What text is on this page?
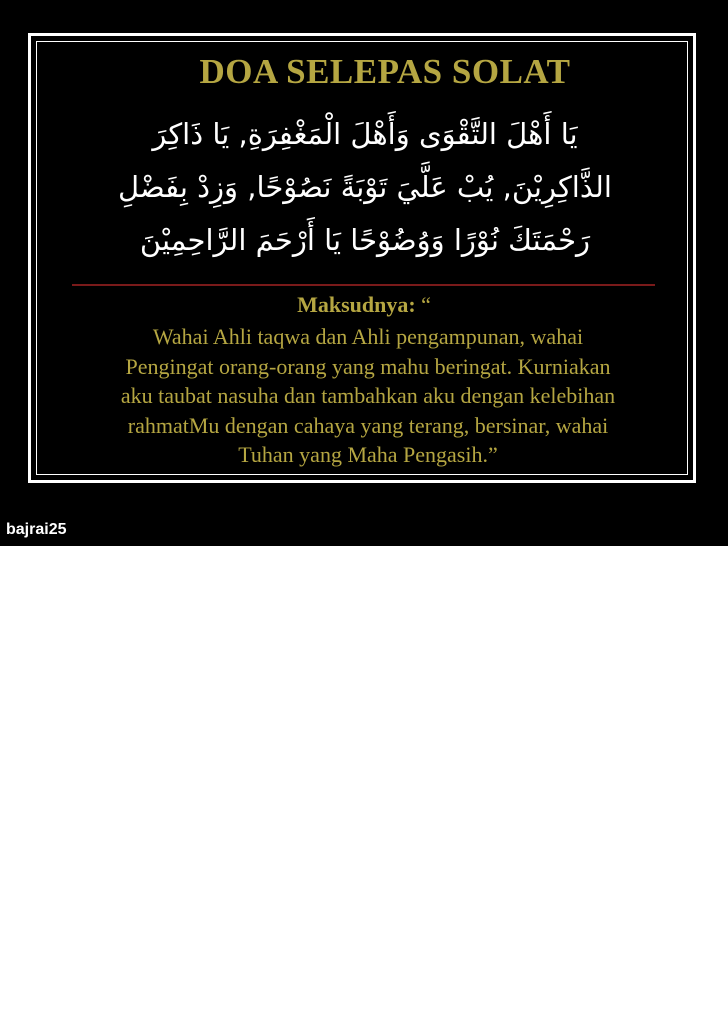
DOA SELEPAS SOLAT
يَا أَهْلَ التَّقْوَى وَأَهْلَ الْمَغْفِرَةِ, يَا ذَاكِرَ
الذَّاكِرِيْنَ, يُبْ عَلَّيَ تَوْبَةً نَصُوْحًا, وَزِدْ بِفَضْلِ
رَحْمَتَكَ نُوْرًا وَوُضُوْحًا يَا أَرْحَمَ الرَّاحِمِيْنَ
Maksudnya: “
Wahai Ahli taqwa dan Ahli pengampunan, wahai
Pengingat orang-orang yang mahu beringat. Kurniakan
aku taubat nasuha dan tambahkan aku dengan kelebihan
rahmatMu dengan cahaya yang terang, bersinar, wahai
Tuhan yang Maha Pengasih.”
bajrai25
